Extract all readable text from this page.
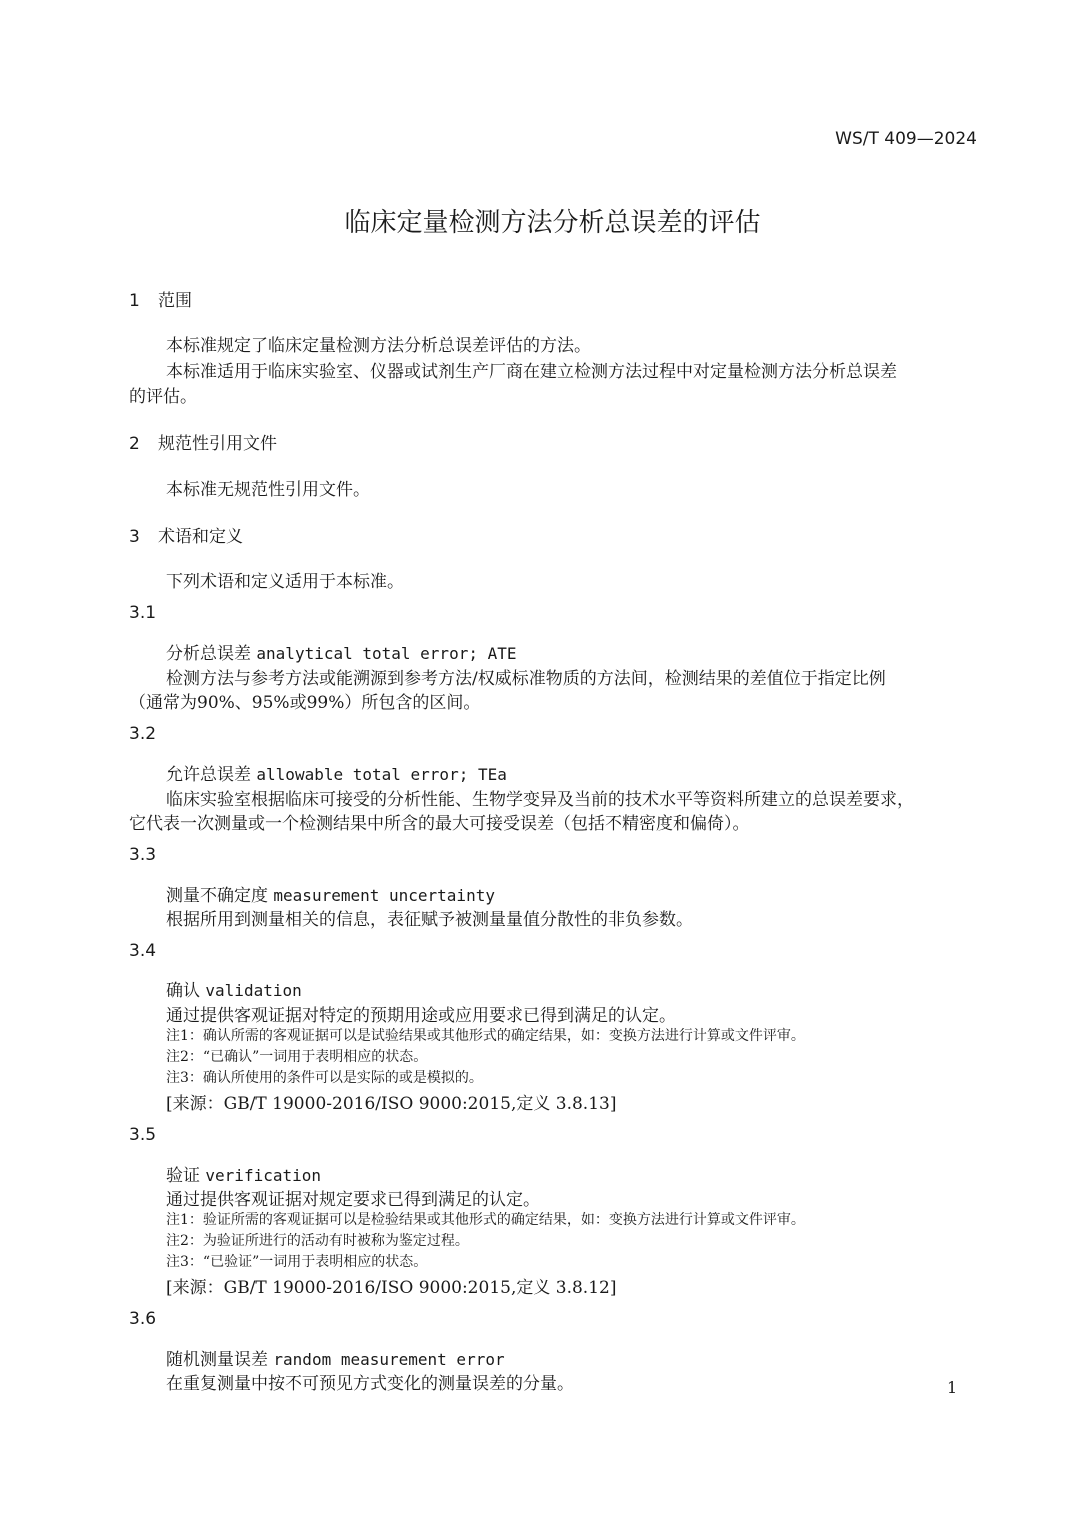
WS/T 409—2024
临床定量检测方法分析总误差的评估
1 范围
本标准规定了临床定量检测方法分析总误差评估的方法。
本标准适用于临床实验室、仪器或试剂生产厂商在建立检测方法过程中对定量检测方法分析总误差
的评估。
2 规范性引用文件
本标准无规范性引用文件。
3 术语和定义
下列术语和定义适用于本标准。
3.1
分析总误差 analytical total error; ATE
检测方法与参考方法或能溯源到参考方法/权威标准物质的方法间，检测结果的差值位于指定比例
（通常为90%、95%或99%）所包含的区间。
3.2
允许总误差 allowable total error; TEa
临床实验室根据临床可接受的分析性能、生物学变异及当前的技术水平等资料所建立的总误差要求，
它代表一次测量或一个检测结果中所含的最大可接受误差（包括不精密度和偏倚）。
3.3
测量不确定度 measurement uncertainty
根据所用到测量相关的信息，表征赋予被测量量值分散性的非负参数。
3.4
确认 validation
通过提供客观证据对特定的预期用途或应用要求已得到满足的认定。
注1：确认所需的客观证据可以是试验结果或其他形式的确定结果，如：变换方法进行计算或文件评审。
注2：“已确认”一词用于表明相应的状态。
注3：确认所使用的条件可以是实际的或是模拟的。
[来源：GB/T 19000-2016/ISO 9000:2015,定义 3.8.13]
3.5
验证 verification
通过提供客观证据对规定要求已得到满足的认定。
注1：验证所需的客观证据可以是检验结果或其他形式的确定结果，如：变换方法进行计算或文件评审。
注2：为验证所进行的活动有时被称为鉴定过程。
注3：“已验证”一词用于表明相应的状态。
[来源：GB/T 19000-2016/ISO 9000:2015,定义 3.8.12]
3.6
随机测量误差 random measurement error
在重复测量中按不可预见方式变化的测量误差的分量。	1
